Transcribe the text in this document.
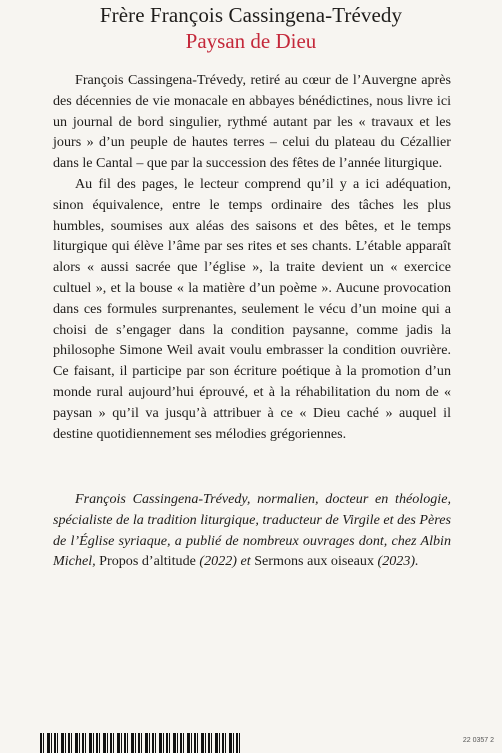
Frère François Cassingena-Trévedy
Paysan de Dieu

François Cassingena-Trévedy, retiré au cœur de l’Auvergne après des décennies de vie monacale en abbayes bénédictines, nous livre ici un journal de bord singulier, rythmé autant par les « travaux et les jours » d’un peuple de hautes terres – celui du plateau du Cézallier dans le Cantal – que par la succession des fêtes de l’année liturgique.

Au fil des pages, le lecteur comprend qu’il y a ici adéquation, sinon équivalence, entre le temps ordinaire des tâches les plus humbles, soumises aux aléas des saisons et des bêtes, et le temps liturgique qui élève l’âme par ses rites et ses chants. L’étable apparaît alors « aussi sacrée que l’église », la traite devient un « exercice cultuel », et la bouse « la matière d’un poème ». Aucune provocation dans ces formules surprenantes, seulement le vécu d’un moine qui a choisi de s’engager dans la condition paysanne, comme jadis la philosophe Simone Weil avait voulu embrasser la condition ouvrière. Ce faisant, il participe par son écriture poétique à la promotion d’un monde rural aujourd’hui éprouvé, et à la réhabilitation du nom de « paysan » qu’il va jusqu’à attribuer à ce « Dieu caché » auquel il destine quotidiennement ses mélodies grégoriennes.

François Cassingena-Trévedy, normalien, docteur en théologie, spécialiste de la tradition liturgique, traducteur de Virgile et des Pères de l’Église syriaque, a publié de nombreux ouvrages dont, chez Albin Michel, Propos d’altitude (2022) et Sermons aux oiseaux (2023).
22 0357 2
